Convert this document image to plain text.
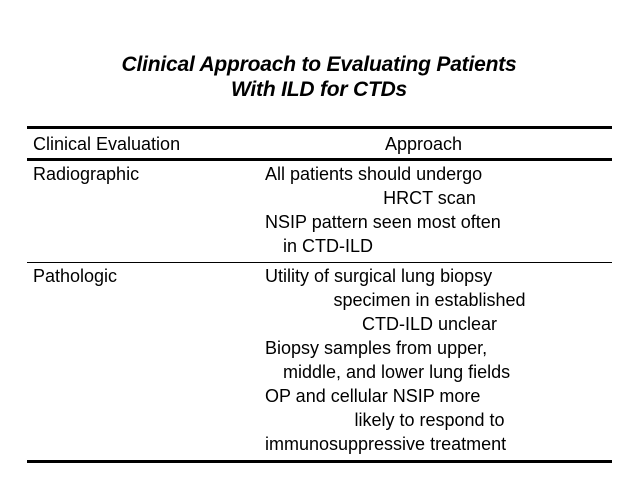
Clinical Approach to Evaluating Patients
With ILD for CTDs
Clinical Evaluation	Approach
Radiographic	All patients should undergo
HRCT scan
NSIP pattern seen most often
in CTD-ILD
Pathologic	Utility of surgical lung biopsy
specimen in established
CTD-ILD unclear
Biopsy samples from upper,
middle, and lower lung fields
OP and cellular NSIP more
likely to respond to
immunosuppressive treatment
